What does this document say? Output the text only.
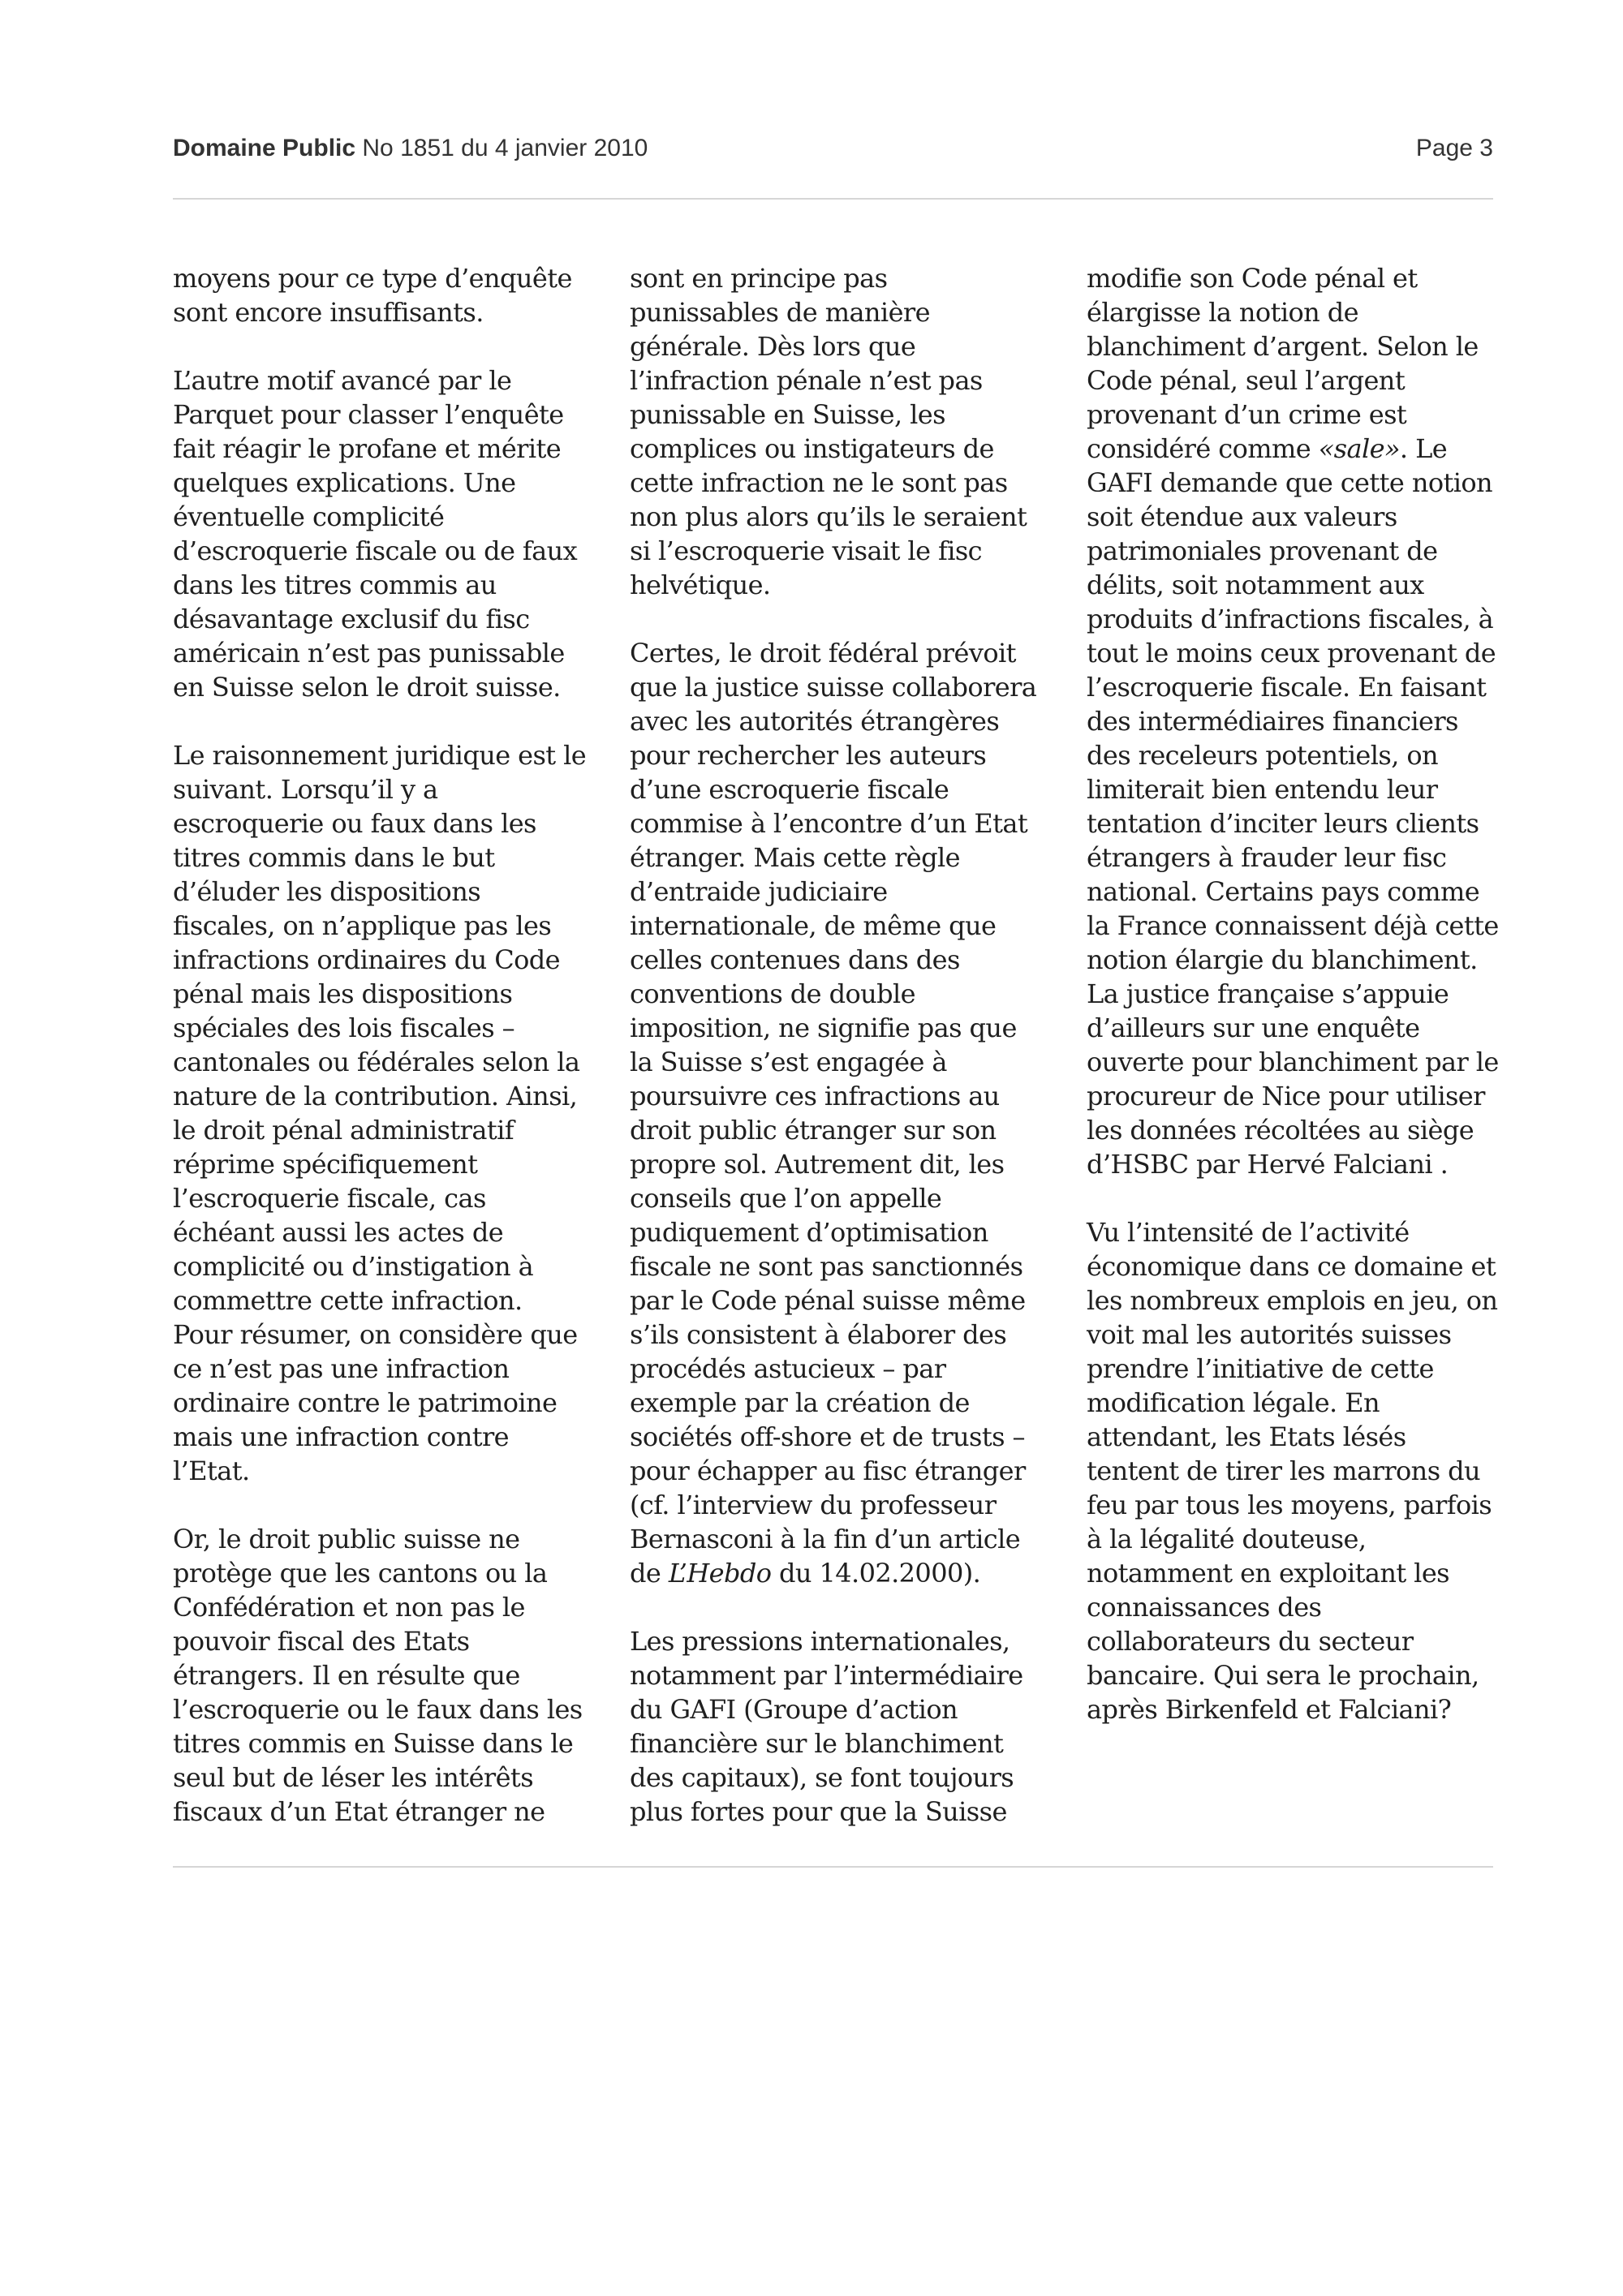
Domaine Public No 1851 du 4 janvier 2010	Page 3

moyens pour ce type d’enquête sont encore insuffisants.

L’autre motif avancé par le Parquet pour classer l’enquête fait réagir le profane et mérite quelques explications. Une éventuelle complicité d’escroquerie fiscale ou de faux dans les titres commis au désavantage exclusif du fisc américain n’est pas punissable en Suisse selon le droit suisse.

Le raisonnement juridique est le suivant. Lorsqu’il y a escroquerie ou faux dans les titres commis dans le but d’éluder les dispositions fiscales, on n’applique pas les infractions ordinaires du Code pénal mais les dispositions spéciales des lois fiscales – cantonales ou fédérales selon la nature de la contribution. Ainsi, le droit pénal administratif réprime spécifiquement l’escroquerie fiscale, cas échéant aussi les actes de complicité ou d’instigation à commettre cette infraction. Pour résumer, on considère que ce n’est pas une infraction ordinaire contre le patrimoine mais une infraction contre l’Etat.

Or, le droit public suisse ne protège que les cantons ou la Confédération et non pas le pouvoir fiscal des Etats étrangers. Il en résulte que l’escroquerie ou le faux dans les titres commis en Suisse dans le seul but de léser les intérêts fiscaux d’un Etat étranger ne

sont en principe pas punissables de manière générale. Dès lors que l’infraction pénale n’est pas punissable en Suisse, les complices ou instigateurs de cette infraction ne le sont pas non plus alors qu’ils le seraient si l’escroquerie visait le fisc helvétique.

Certes, le droit fédéral prévoit que la justice suisse collaborera avec les autorités étrangères pour rechercher les auteurs d’une escroquerie fiscale commise à l’encontre d’un Etat étranger. Mais cette règle d’entraide judiciaire internationale, de même que celles contenues dans des conventions de double imposition, ne signifie pas que la Suisse s’est engagée à poursuivre ces infractions au droit public étranger sur son propre sol. Autrement dit, les conseils que l’on appelle pudiquement d’optimisation fiscale ne sont pas sanctionnés par le Code pénal suisse même s’ils consistent à élaborer des procédés astucieux – par exemple par la création de sociétés off-shore et de trusts – pour échapper au fisc étranger (cf. l’interview du professeur Bernasconi à la fin d’un article de L’Hebdo du 14.02.2000).

Les pressions internationales, notamment par l’intermédiaire du GAFI (Groupe d’action financière sur le blanchiment des capitaux), se font toujours plus fortes pour que la Suisse

modifie son Code pénal et élargisse la notion de blanchiment d’argent. Selon le Code pénal, seul l’argent provenant d’un crime est considéré comme «sale». Le GAFI demande que cette notion soit étendue aux valeurs patrimoniales provenant de délits, soit notamment aux produits d’infractions fiscales, à tout le moins ceux provenant de l’escroquerie fiscale. En faisant des intermédiaires financiers des receleurs potentiels, on limiterait bien entendu leur tentation d’inciter leurs clients étrangers à frauder leur fisc national. Certains pays comme la France connaissent déjà cette notion élargie du blanchiment. La justice française s’appuie d’ailleurs sur une enquête ouverte pour blanchiment par le procureur de Nice pour utiliser les données récoltées au siège d’HSBC par Hervé Falciani .

Vu l’intensité de l’activité économique dans ce domaine et les nombreux emplois en jeu, on voit mal les autorités suisses prendre l’initiative de cette modification légale. En attendant, les Etats lésés tentent de tirer les marrons du feu par tous les moyens, parfois à la légalité douteuse, notamment en exploitant les connaissances des collaborateurs du secteur bancaire. Qui sera le prochain, après Birkenfeld et Falciani?
